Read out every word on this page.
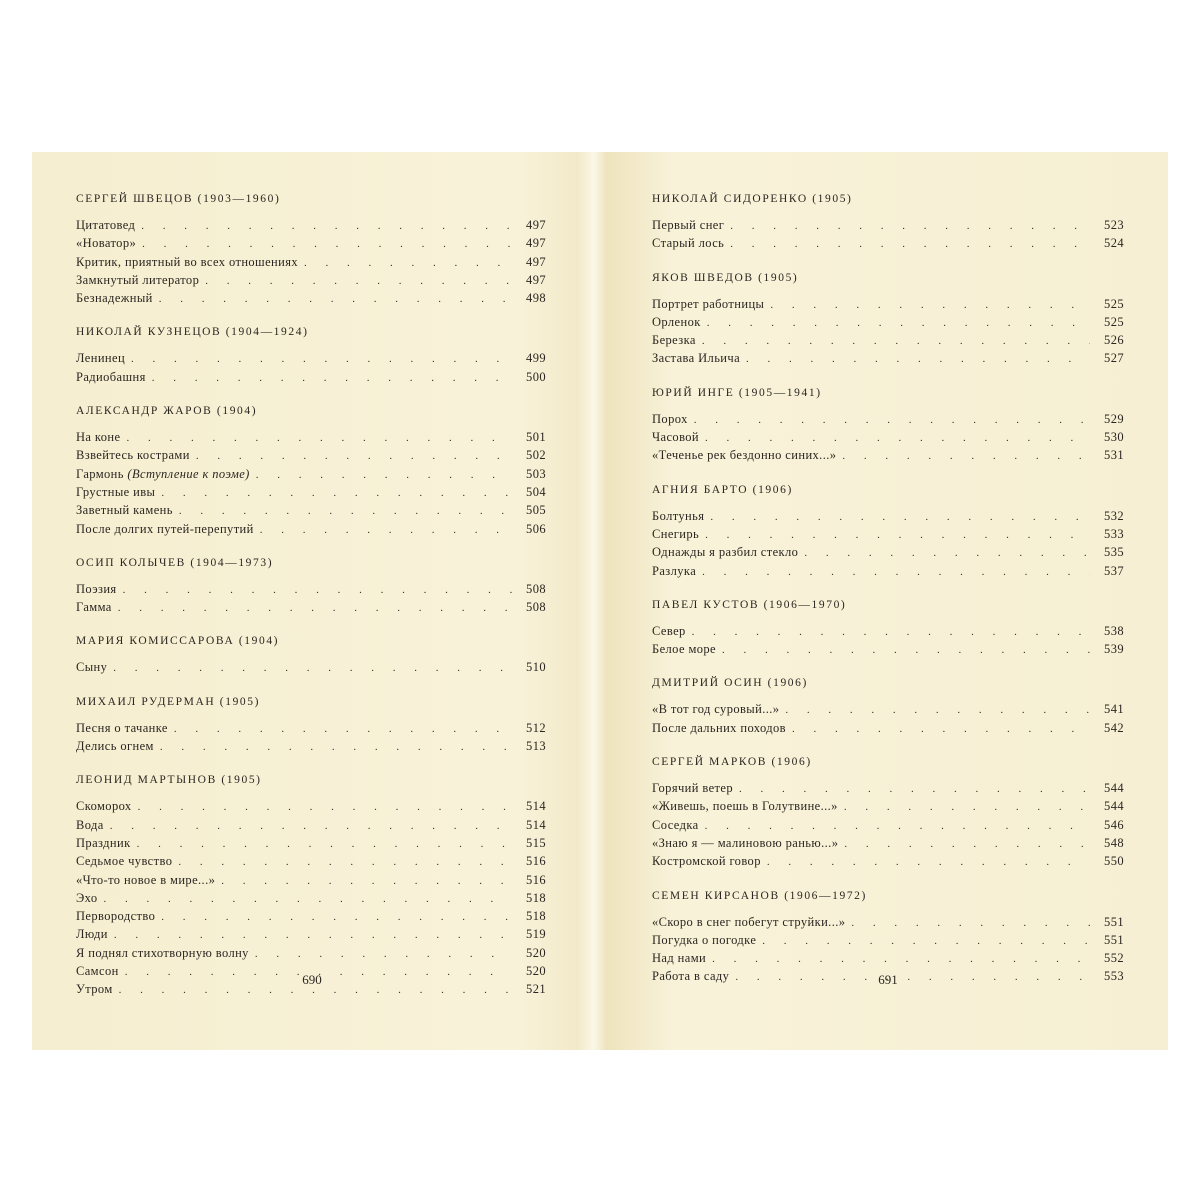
СЕРГЕЙ ШВЕЦОВ (1903—1960)
Цитатовед . . .	497
«Новатор» . . .	497
Критик, приятный во всех отношениях . . .	497
Замкнутый литератор . . .	497
Безнадежный . . .	498
НИКОЛАЙ КУЗНЕЦОВ (1904—1924)
Ленинец . . .	499
Радиобашня . . .	500
АЛЕКСАНДР ЖАРОВ (1904)
На коне . . .	501
Взвейтесь кострами . . .	502
Гармонь (Вступление к поэме) . . .	503
Грустные ивы . . .	504
Заветный камень . . .	505
После долгих путей-перепутий . . .	506
ОСИП КОЛЫЧЕВ (1904—1973)
Поэзия . . .	508
Гамма . . .	508
МАРИЯ КОМИССАРОВА (1904)
Сыну . . .	510
МИХАИЛ РУДЕРМАН (1905)
Песня о тачанке . . .	512
Делись огнем . . .	513
ЛЕОНИД МАРТЫНОВ (1905)
Скоморох . . .	514
Вода . . .	514
Праздник . . .	515
Седьмое чувство . . .	516
«Что-то новое в мире...» . . .	516
Эхо . . .	518
Первородство . . .	518
Люди . . .	519
Я поднял стихотворную волну . . .	520
Самсон . . .	520
Утром . . .	521
НИКОЛАЙ СИДОРЕНКО (1905)
Первый снег . . .	523
Старый лось . . .	524
ЯКОВ ШВЕДОВ (1905)
Портрет работницы . . .	525
Орленок . . .	525
Березка . . .	526
Застава Ильича . . .	527
ЮРИЙ ИНГЕ (1905—1941)
Порох . . .	529
Часовой . . .	530
«Теченье рек бездонно синих...» . . .	531
АГНИЯ БАРТО (1906)
Болтунья . . .	532
Снегирь . . .	533
Однажды я разбил стекло . . .	535
Разлука . . .	537
ПАВЕЛ КУСТОВ (1906—1970)
Север . . .	538
Белое море . . .	539
ДМИТРИЙ ОСИН (1906)
«В тот год суровый...» . . .	541
После дальних походов . . .	542
СЕРГЕЙ МАРКОВ (1906)
Горячий ветер . . .	544
«Живешь, поешь в Голутвине...» . . .	544
Соседка . . .	546
«Знаю я — малиновою ранью...» . . .	548
Костромской говор . . .	550
СЕМЕН КИРСАНОВ (1906—1972)
«Скоро в снег побегут струйки...» . . .	551
Погудка о погодке . . .	551
Над нами . . .	552
Работа в саду . . .	553
690	691
